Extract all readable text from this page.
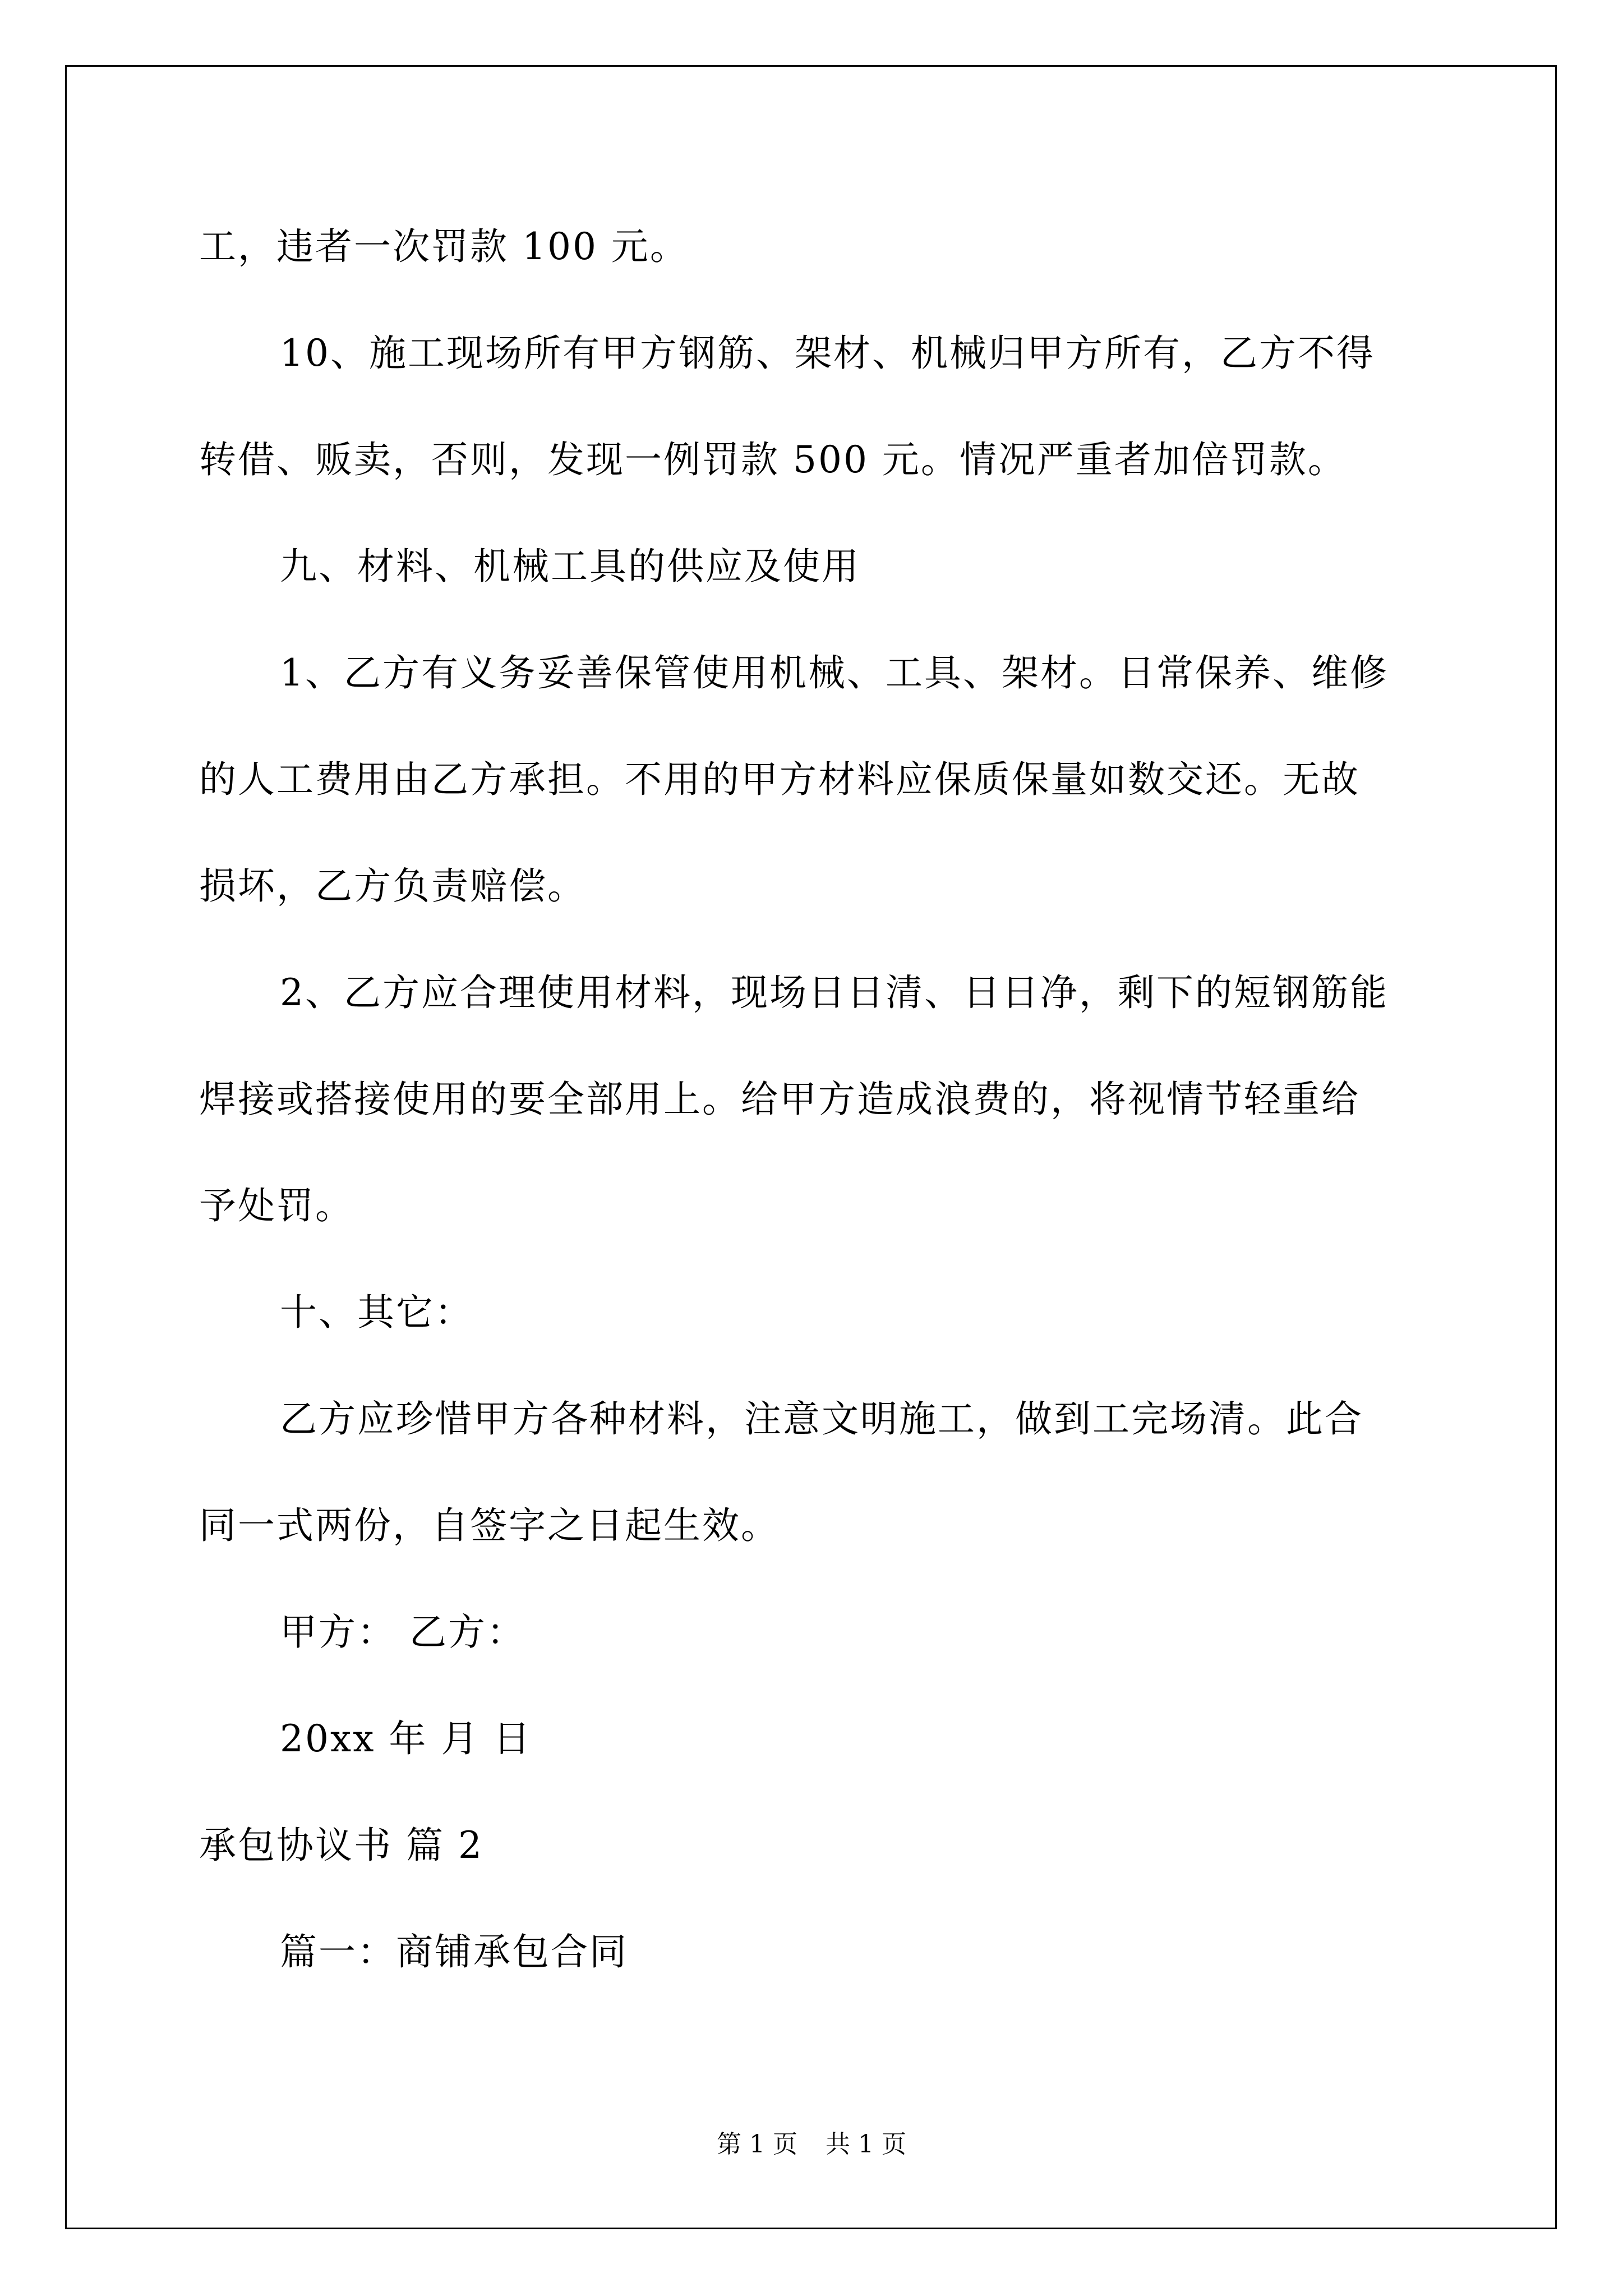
工，违者一次罚款 100 元。
10、施工现场所有甲方钢筋、架材、机械归甲方所有，乙方不得
转借、贩卖，否则，发现一例罚款 500 元。情况严重者加倍罚款。
九、材料、机械工具的供应及使用
1、乙方有义务妥善保管使用机械、工具、架材。日常保养、维修
的人工费用由乙方承担。不用的甲方材料应保质保量如数交还。无故
损坏，乙方负责赔偿。
2、乙方应合理使用材料，现场日日清、日日净，剩下的短钢筋能
焊接或搭接使用的要全部用上。给甲方造成浪费的，将视情节轻重给
予处罚。
十、其它：
乙方应珍惜甲方各种材料，注意文明施工，做到工完场清。此合
同一式两份，自签字之日起生效。
甲方： 乙方：
20xx 年 月 日
承包协议书 篇 2
篇一：商铺承包合同
第 1 页 共 1 页
